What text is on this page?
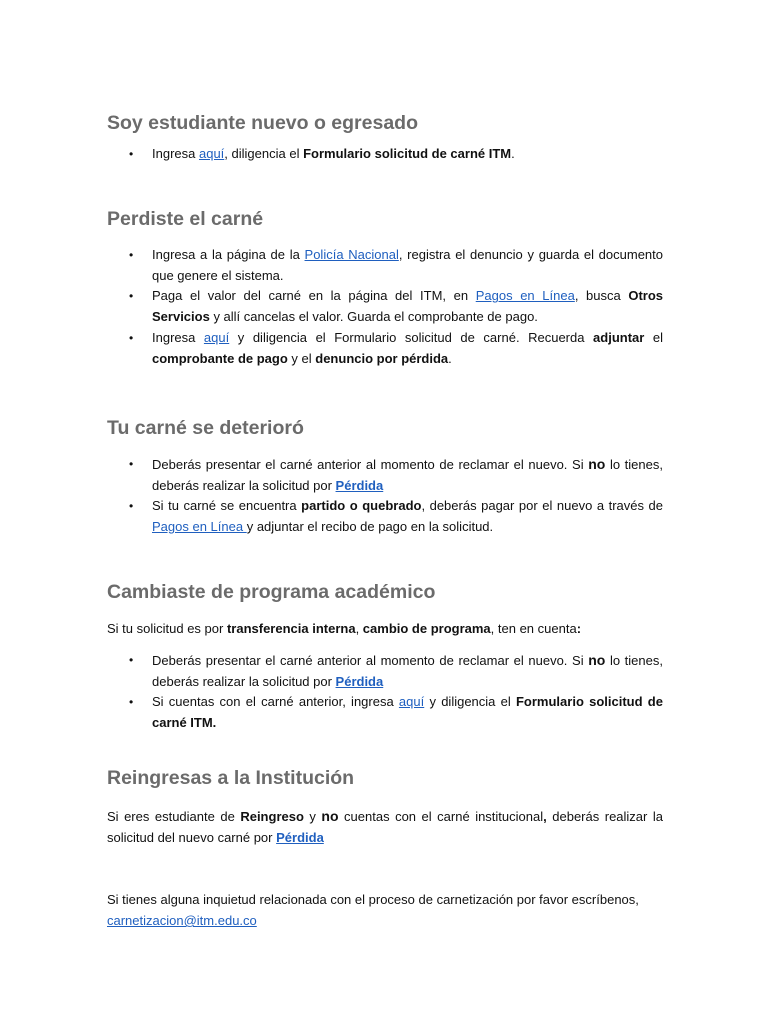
Soy estudiante nuevo o egresado
• Ingresa aquí, diligencia el Formulario solicitud de carné ITM.
Perdiste el carné
• Ingresa a la página de la Policía Nacional, registra el denuncio y guarda el documento que genere el sistema.
• Paga el valor del carné en la página del ITM, en Pagos en Línea, busca Otros Servicios y allí cancelas el valor. Guarda el comprobante de pago.
• Ingresa aquí y diligencia el Formulario solicitud de carné. Recuerda adjuntar el comprobante de pago y el denuncio por pérdida.
Tu carné se deterioró
• Deberás presentar el carné anterior al momento de reclamar el nuevo. Si no lo tienes, deberás realizar la solicitud por Pérdida
• Si tu carné se encuentra partido o quebrado, deberás pagar por el nuevo a través de Pagos en Línea y adjuntar el recibo de pago en la solicitud.
Cambiaste de programa académico

Si tu solicitud es por transferencia interna, cambio de programa, ten en cuenta:

• Deberás presentar el carné anterior al momento de reclamar el nuevo. Si no lo tienes, deberás realizar la solicitud por Pérdida
• Si cuentas con el carné anterior, ingresa aquí y diligencia el Formulario solicitud de carné ITM.
Reingresas a la Institución

Si eres estudiante de Reingreso y no cuentas con el carné institucional, deberás realizar la solicitud del nuevo carné por Pérdida

Si tienes alguna inquietud relacionada con el proceso de carnetización por favor escríbenos,
carnetizacion@itm.edu.co
